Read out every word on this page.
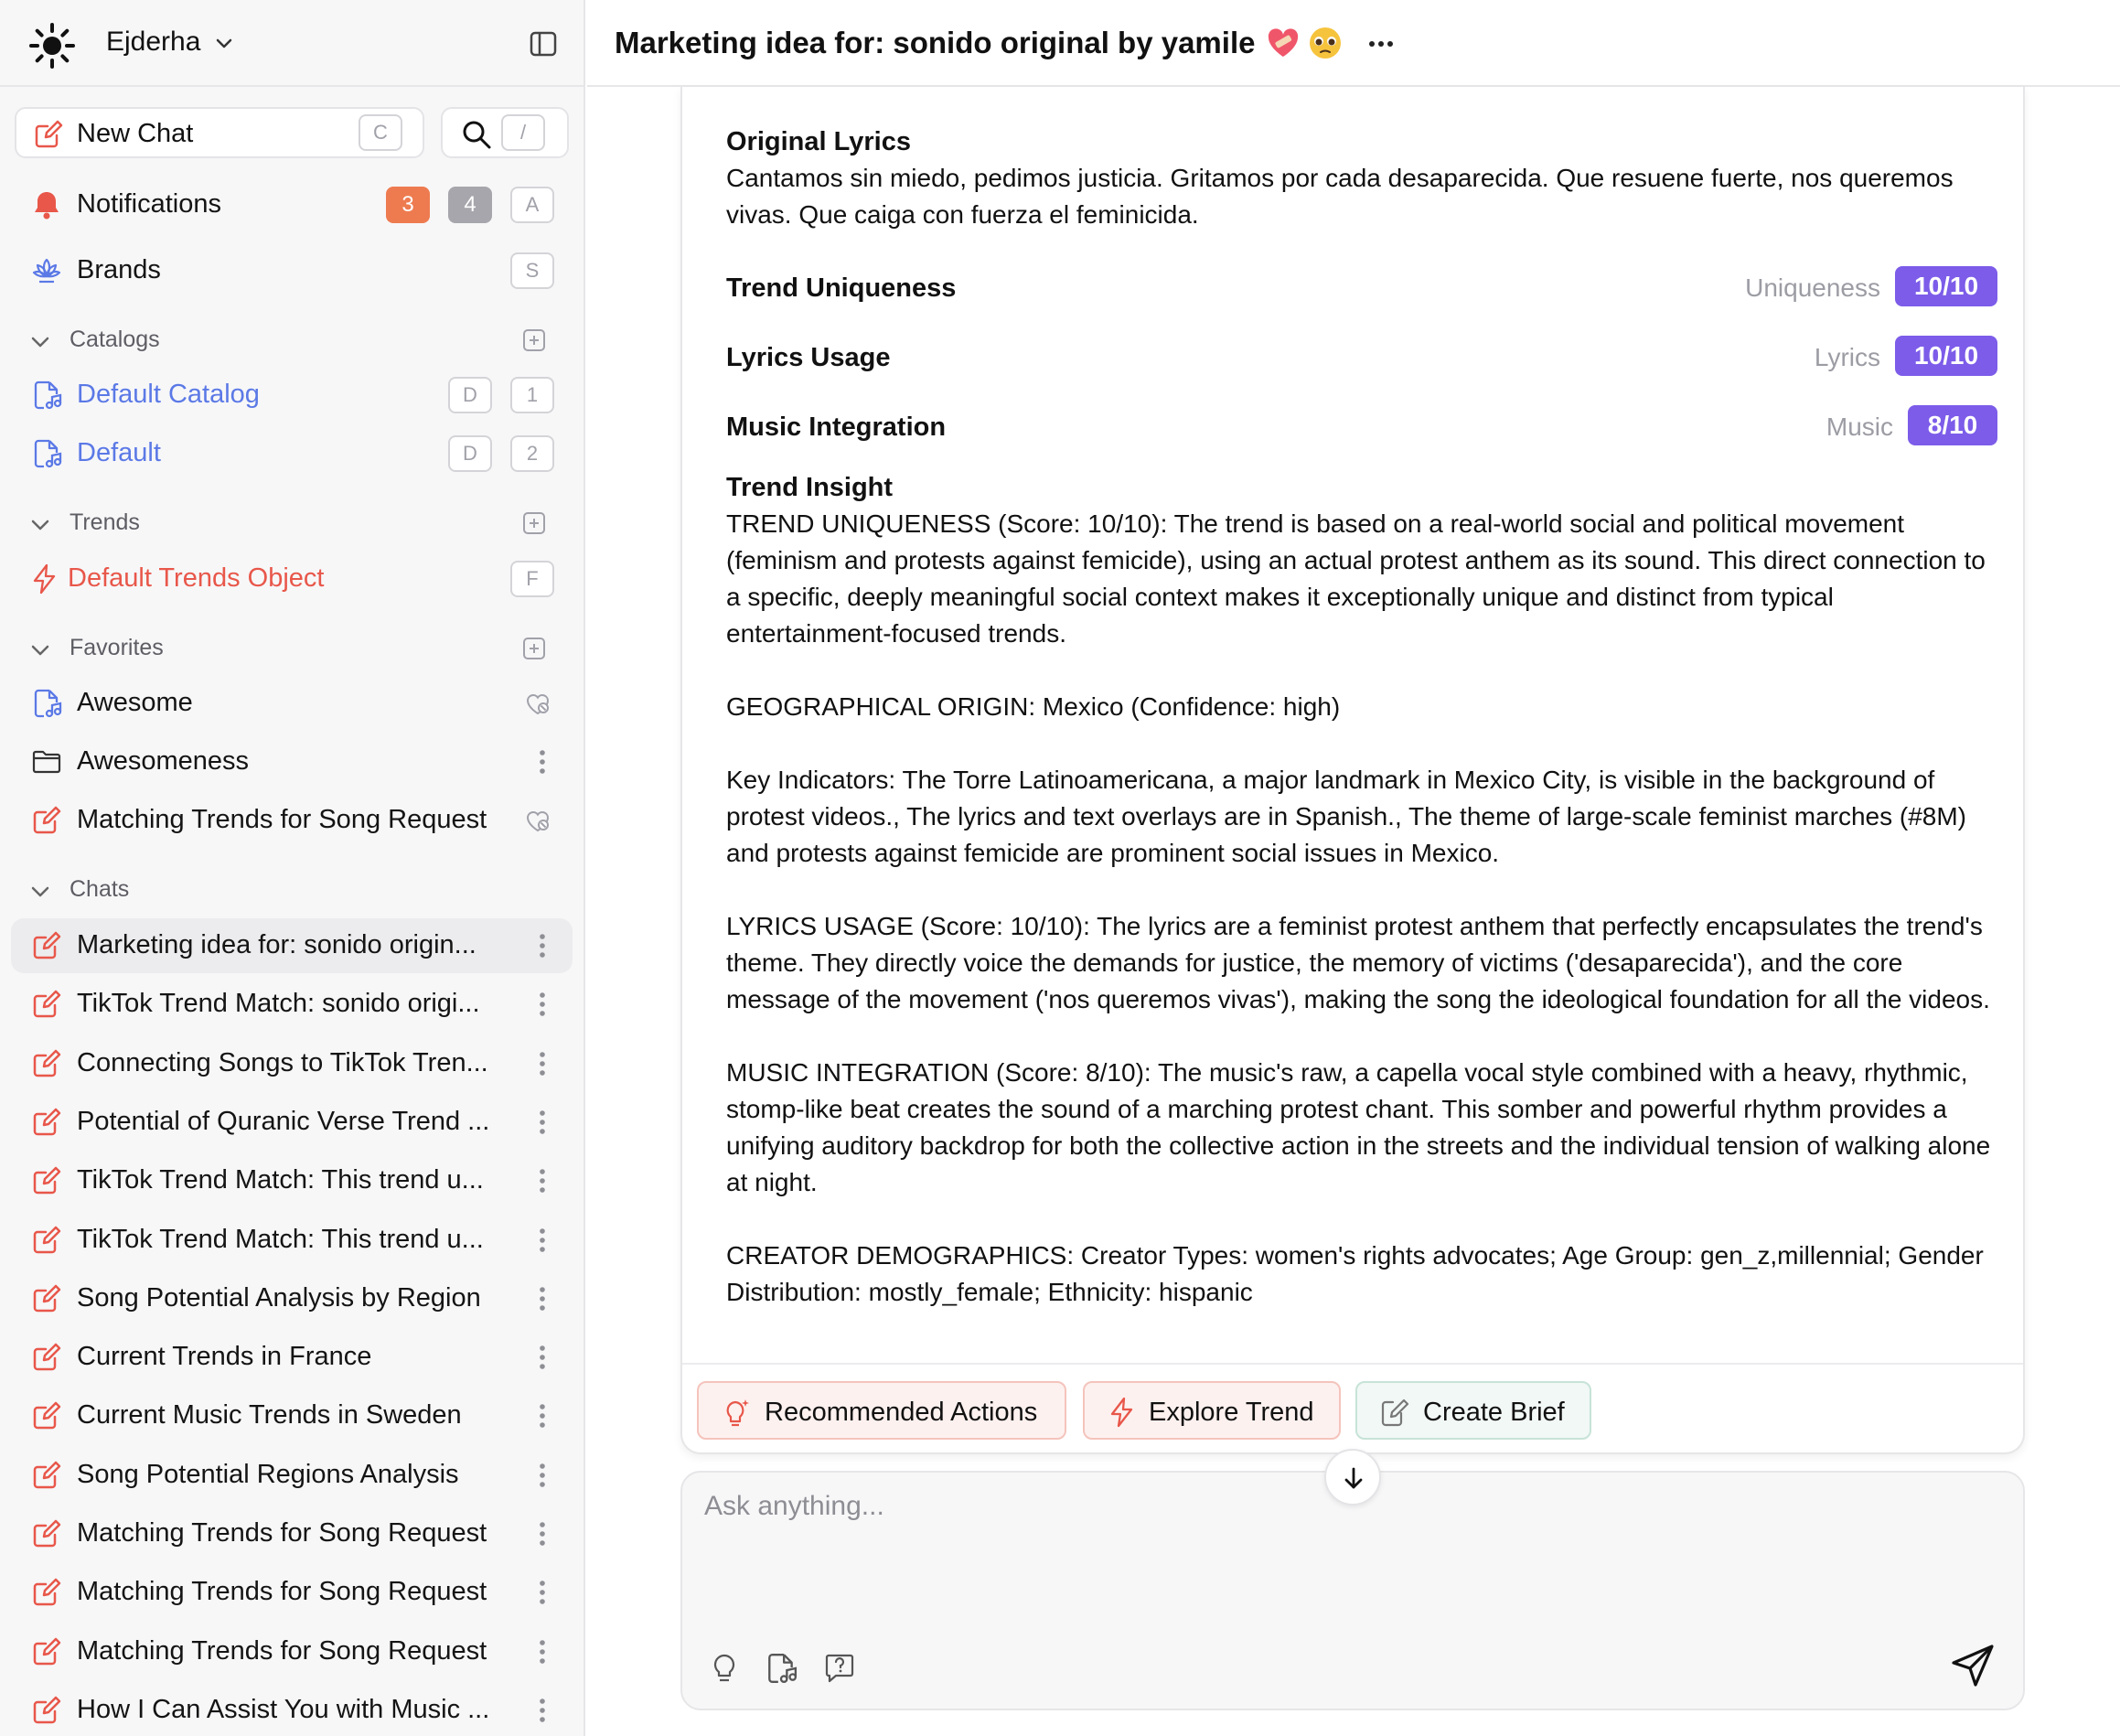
Ejderha
New Chat	C	/
Notifications	3	4	A
Brands	S
Catalogs
Default Catalog	D	1
Default	D	2
Trends
Default Trends Object	F
Favorites
Awesome
Awesomeness
Matching Trends for Song Request
Chats
Marketing idea for: sonido origin...
TikTok Trend Match: sonido origi...
Connecting Songs to TikTok Tren...
Potential of Quranic Verse Trend ...
TikTok Trend Match: This trend u...
TikTok Trend Match: This trend u...
Song Potential Analysis by Region
Current Trends in France
Current Music Trends in Sweden
Song Potential Regions Analysis
Matching Trends for Song Request
Matching Trends for Song Request
Matching Trends for Song Request
How I Can Assist You with Music ...
Marketing idea for: sonido original by yamile
Original Lyrics
Cantamos sin miedo, pedimos justicia. Gritamos por cada desaparecida. Que resuene fuerte, nos queremos vivas. Que caiga con fuerza el feminicida.
Trend Uniqueness	Uniqueness	10/10
Lyrics Usage	Lyrics	10/10
Music Integration	Music	8/10
Trend Insight
TREND UNIQUENESS (Score: 10/10): The trend is based on a real-world social and political movement (feminism and protests against femicide), using an actual protest anthem as its sound. This direct connection to a specific, deeply meaningful social context makes it exceptionally unique and distinct from typical entertainment-focused trends.
GEOGRAPHICAL ORIGIN: Mexico (Confidence: high)
Key Indicators: The Torre Latinoamericana, a major landmark in Mexico City, is visible in the background of protest videos., The lyrics and text overlays are in Spanish., The theme of large-scale feminist marches (#8M) and protests against femicide are prominent social issues in Mexico.
LYRICS USAGE (Score: 10/10): The lyrics are a feminist protest anthem that perfectly encapsulates the trend's theme. They directly voice the demands for justice, the memory of victims ('desaparecida'), and the core message of the movement ('nos queremos vivas'), making the song the ideological foundation for all the videos.
MUSIC INTEGRATION (Score: 8/10): The music's raw, a capella vocal style combined with a heavy, rhythmic, stomp-like beat creates the sound of a marching protest chant. This somber and powerful rhythm provides a unifying auditory backdrop for both the collective action in the streets and the individual tension of walking alone at night.
CREATOR DEMOGRAPHICS: Creator Types: women's rights advocates; Age Group: gen_z,millennial; Gender Distribution: mostly_female; Ethnicity: hispanic
Recommended Actions	Explore Trend	Create Brief
Ask anything...
